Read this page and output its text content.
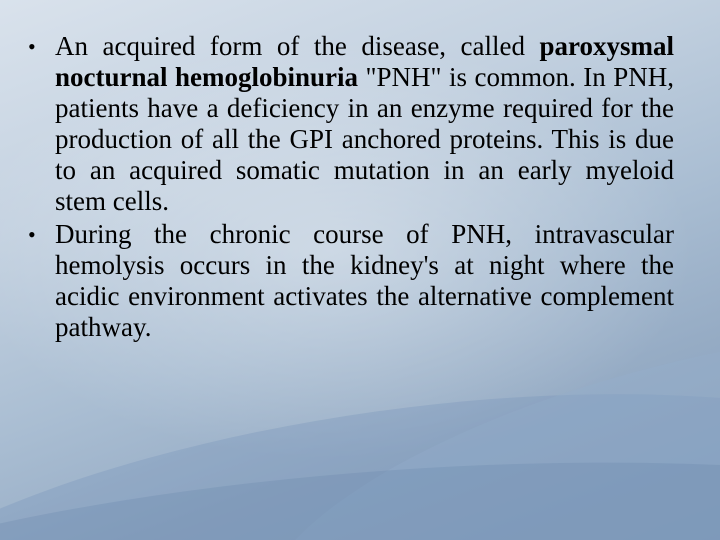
• An acquired form of the disease, called paroxysmal nocturnal hemoglobinuria "PNH" is common. In PNH, patients have a deficiency in an enzyme required for the production of all the GPI anchored proteins. This is due to an acquired somatic mutation in an early myeloid stem cells.

• During the chronic course of PNH, intravascular hemolysis occurs in the kidney's at night where the acidic environment activates the alternative complement pathway.
